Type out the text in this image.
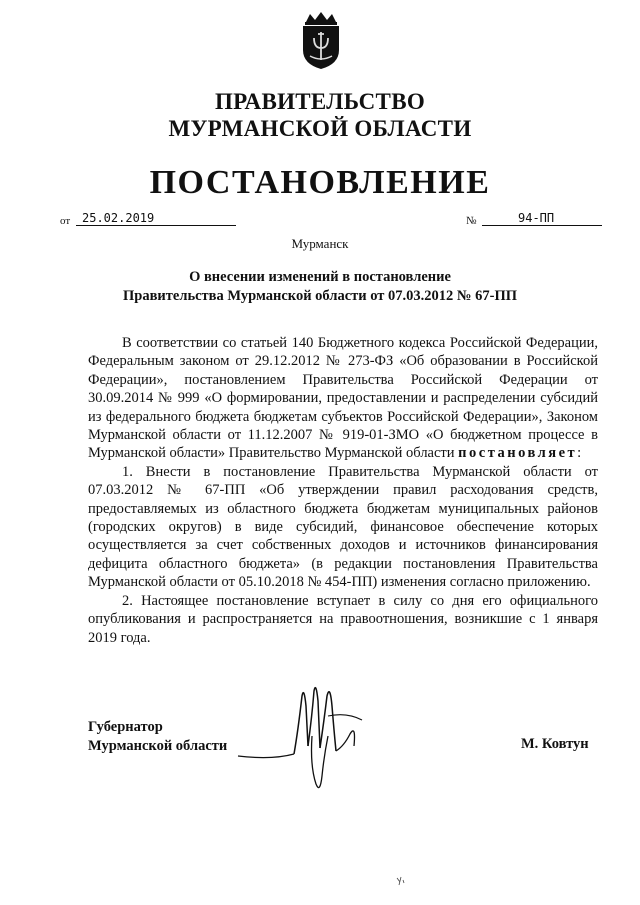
ПРАВИТЕЛЬСТВО
МУРМАНСКОЙ ОБЛАСТИ
ПОСТАНОВЛЕНИЕ
от 25.02.2019	№	94-ПП
Мурманск
О внесении изменений в постановление
Правительства Мурманской области от 07.03.2012 № 67-ПП

В соответствии со статьей 140 Бюджетного кодекса Российской Федерации, Федеральным законом от 29.12.2012 № 273-ФЗ «Об образовании в Российской Федерации», постановлением Правительства Российской Федерации от 30.09.2014 № 999 «О формировании, предоставлении и распределении субсидий из федерального бюджета бюджетам субъектов Российской Федерации», Законом Мурманской области от 11.12.2007 № 919-01-ЗМО «О бюджетном процессе в Мурманской области» Правительство Мурманской области постановляет:

1. Внести в постановление Правительства Мурманской области от 07.03.2012 № 67-ПП «Об утверждении правил расходования средств, предоставляемых из областного бюджета бюджетам муниципальных районов (городских округов) в виде субсидий, финансовое обеспечение которых осуществляется за счет собственных доходов и источников финансирования дефицита областного бюджета» (в редакции постановления Правительства Мурманской области от 05.10.2018 № 454-ПП) изменения согласно приложению.

2. Настоящее постановление вступает в силу со дня его официального опубликования и распространяется на правоотношения, возникшие с 1 января 2019 года.

Губернатор
Мурманской области	М. Ковтун
